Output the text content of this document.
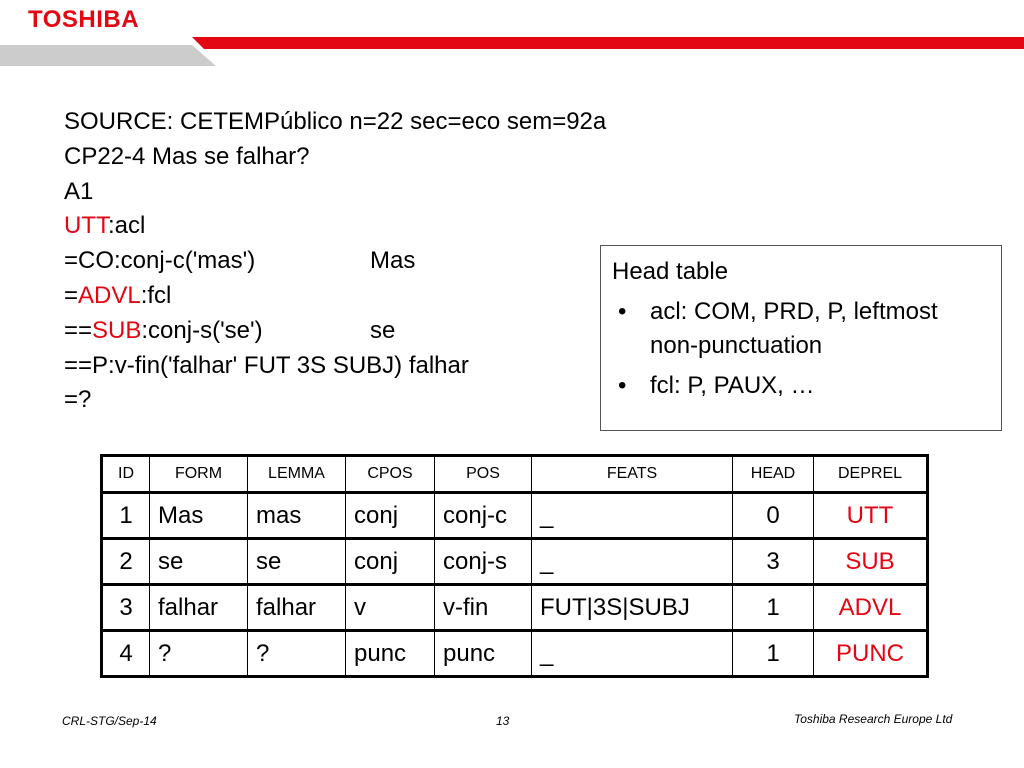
TOSHIBA
SOURCE: CETEMPúblico n=22 sec=eco sem=92a
CP22-4 Mas se falhar?
A1
UTT:acl
=CO:conj-c('mas')	Mas
=ADVL:fcl
==SUB:conj-s('se')	se
==P:v-fin('falhar' FUT 3S SUBJ) falhar
=?
Head table
• acl: COM, PRD, P, leftmost non-punctuation
• fcl: P, PAUX, …
ID	FORM	LEMMA	CPOS	POS	FEATS	HEAD	DEPREL
1	Mas	mas	conj	conj-c	_	0	UTT
2	se	se	conj	conj-s	_	3	SUB
3	falhar	falhar	v	v-fin	FUT|3S|SUBJ	1	ADVL
4	?	?	punc	punc	_	1	PUNC
CRL-STG/Sep-14	13	Toshiba Research Europe Ltd
